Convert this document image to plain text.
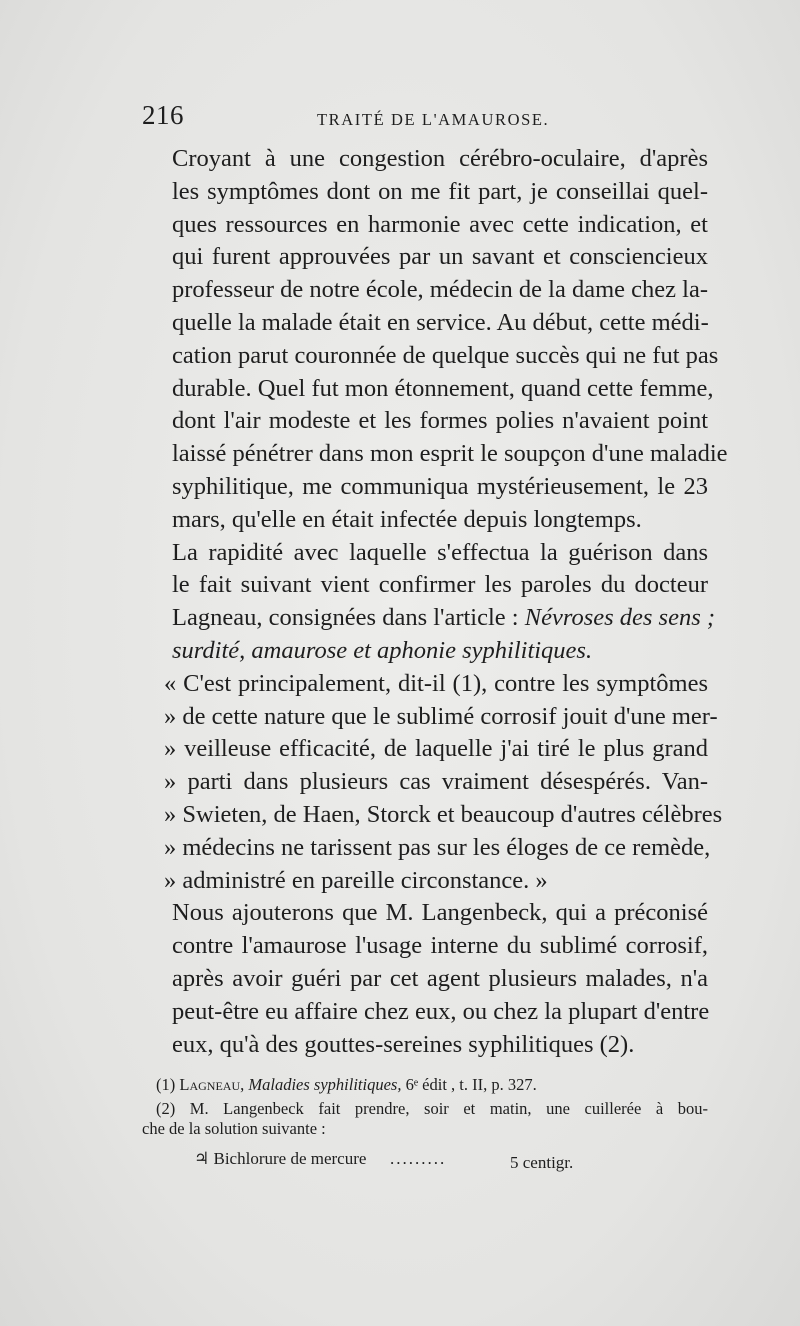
216	TRAITÉ DE L'AMAUROSE.

Croyant à une congestion cérébro-oculaire, d'après
les symptômes dont on me fit part, je conseillai quel-
ques ressources en harmonie avec cette indication, et
qui furent approuvées par un savant et consciencieux
professeur de notre école, médecin de la dame chez la-
quelle la malade était en service. Au début, cette médi-
cation parut couronnée de quelque succès qui ne fut pas
durable. Quel fut mon étonnement, quand cette femme,
dont l'air modeste et les formes polies n'avaient point
laissé pénétrer dans mon esprit le soupçon d'une maladie
syphilitique, me communiqua mystérieusement, le 23
mars, qu'elle en était infectée depuis longtemps.

La rapidité avec laquelle s'effectua la guérison dans
le fait suivant vient confirmer les paroles du docteur
Lagneau, consignées dans l'article : Névroses des sens ;
surdité, amaurose et aphonie syphilitiques.

« C'est principalement, dit-il (1), contre les symptômes
» de cette nature que le sublimé corrosif jouit d'une mer-
» veilleuse efficacité, de laquelle j'ai tiré le plus grand
» parti dans plusieurs cas vraiment désespérés. Van-
» Swieten, de Haen, Storck et beaucoup d'autres célèbres
» médecins ne tarissent pas sur les éloges de ce remède,
» administré en pareille circonstance. »

Nous ajouterons que M. Langenbeck, qui a préconisé
contre l'amaurose l'usage interne du sublimé corrosif,
après avoir guéri par cet agent plusieurs malades, n'a
peut-être eu affaire chez eux, ou chez la plupart d'entre
eux, qu'à des gouttes-sereines syphilitiques (2).

(1) Lagneau, Maladies syphilitiques, 6ᵉ édit , t. II, p. 327.

(2) M. Langenbeck fait prendre, soir et matin, une cuillerée à bou-
che de la solution suivante :

♃ Bichlorure de mercure .........	5 centigr.
